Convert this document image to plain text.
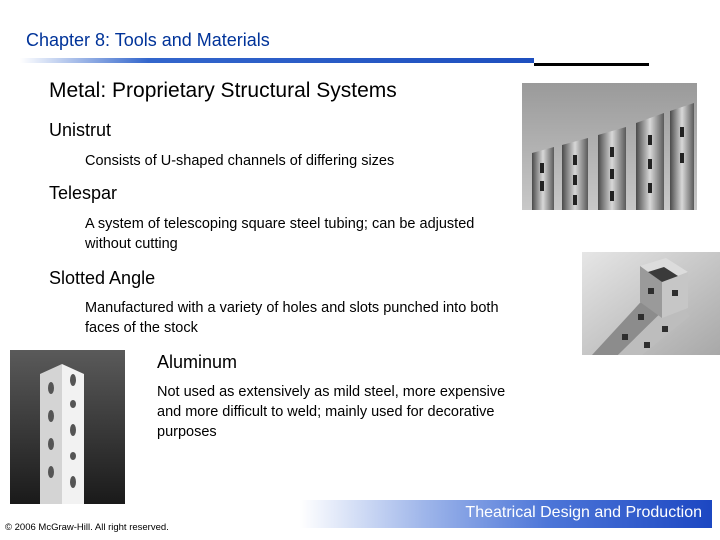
Chapter 8: Tools and Materials
Metal: Proprietary Structural Systems
Unistrut
Consists of U-shaped channels of differing sizes
Telespar
A system of telescoping square steel tubing; can be adjusted
without cutting
Slotted Angle
Manufactured with a variety of holes and slots punched into both
faces of the stock
Aluminum
Not used as extensively as mild steel, more expensive
and more difficult to weld; mainly used for decorative
purposes
Theatrical Design and Production
© 2006 McGraw-Hill. All right reserved.
